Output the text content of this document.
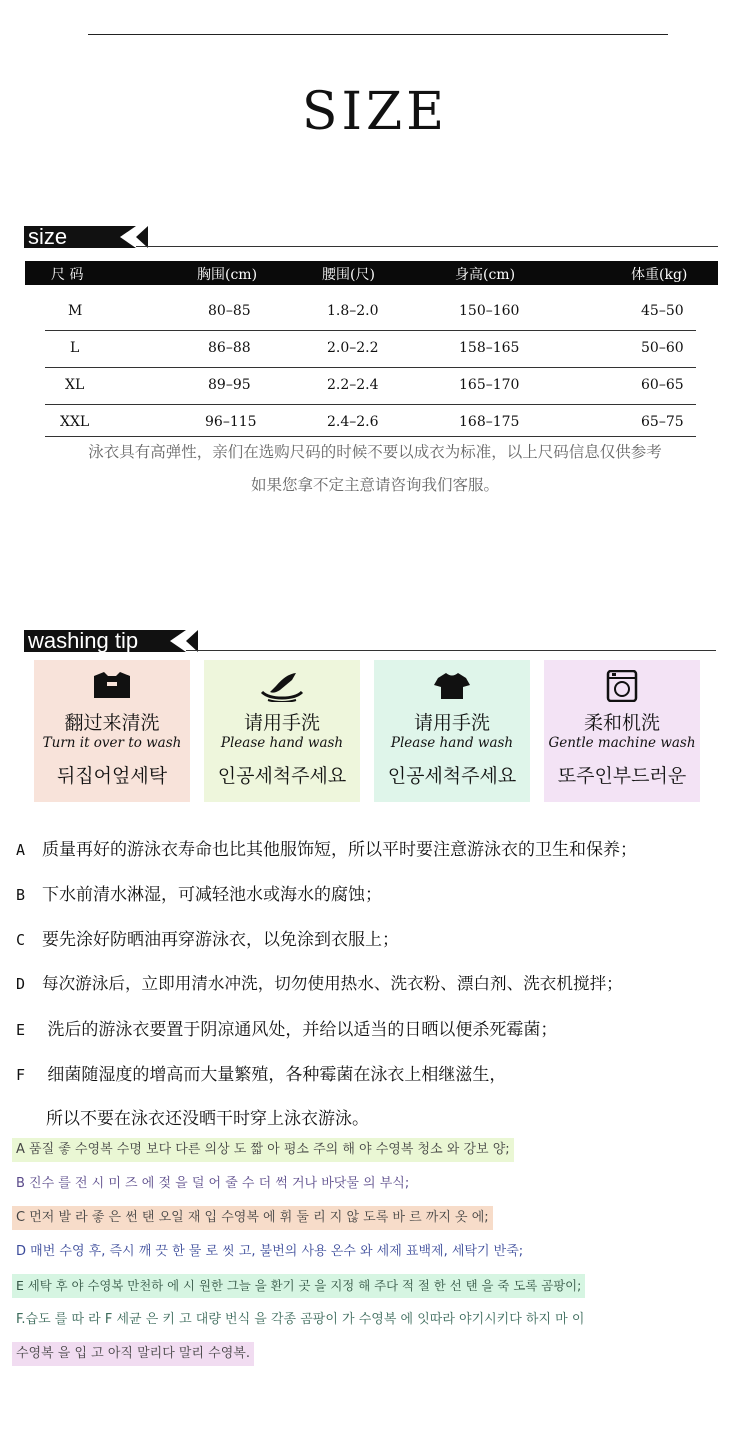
SIZE
size
尺 码	胸围(cm)	腰围(尺)	身高(cm)	体重(kg)
M	80–85	1.8–2.0	150–160	45–50
L	86–88	2.0–2.2	158–165	50–60
XL	89–95	2.2–2.4	165–170	60–65
XXL	96–115	2.4–2.6	168–175	65–75
泳衣具有高弹性，亲们在选购尺码的时候不要以成衣为标准，以上尺码信息仅供参考
如果您拿不定主意请咨询我们客服。
washing tip
翻过来清洗
Turn it over to wash
뒤집어엎세탁
请用手洗
Please hand wash
인공세척주세요
请用手洗
Please hand wash
인공세척주세요
柔和机洗
Gentle machine wash
또주인부드러운
A 质量再好的游泳衣寿命也比其他服饰短，所以平时要注意游泳衣的卫生和保养；
B 下水前清水淋湿，可减轻池水或海水的腐蚀；
C 要先涂好防晒油再穿游泳衣，以免涂到衣服上；
D 每次游泳后，立即用清水冲洗，切勿使用热水、洗衣粉、漂白剂、洗衣机搅拌；
E 洗后的游泳衣要置于阴凉通风处，并给以适当的日晒以便杀死霉菌；
F 细菌随湿度的增高而大量繁殖，各种霉菌在泳衣上相继滋生，
所以不要在泳衣还没晒干时穿上泳衣游泳。
A 품질 좋 수영복 수명 보다 다른 의상 도 짧 아 평소 주의 해 야 수영복 청소 와 강보 양;
B 진수 를 전 시 미 즈 에 젖 을 덜 어 줄 수 더 썩 거나 바닷물 의 부식;
C 먼저 발 라 좋 은 썬 탠 오일 재 입 수영복 에 휘 둘 리 지 않 도록 바 르 까지 옷 에;
D 매번 수영 후, 즉시 깨 끗 한 물 로 씻 고, 불번의 사용 온수 와 세제 표백제, 세탁기 반죽;
E 세탁 후 야 수영복 만천하 에 시 원한 그늘 을 환기 곳 을 지정 해 주다 적 절 한 선 탠 을 죽 도록 곰팡이;
F.습도 를 따 라 F 세균 은 키 고 대량 번식 을 각종 곰팡이 가 수영복 에 잇따라 야기시키다 하지 마 이
수영복 을 입 고 아직 말리다 말리 수영복.
